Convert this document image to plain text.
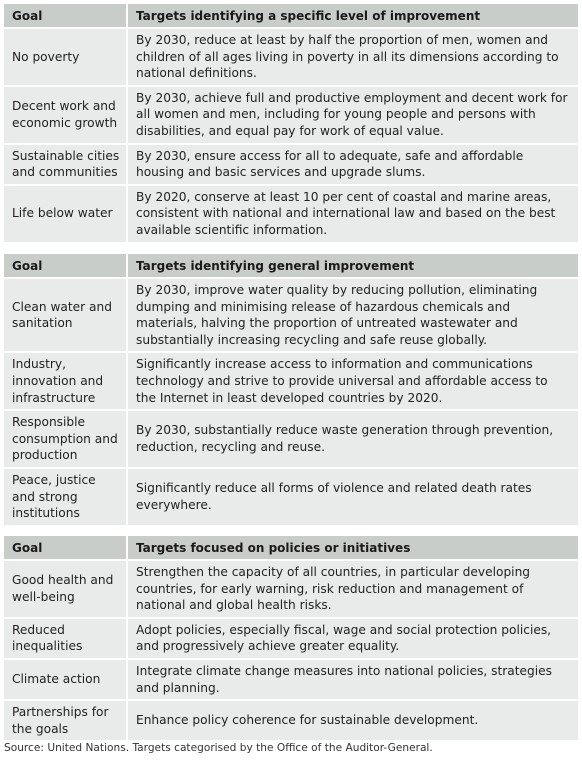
Goal	Targets identifying a specific level of improvement
No poverty	By 2030, reduce at least by half the proportion of men, women and children of all ages living in poverty in all its dimensions according to national definitions.
Decent work and economic growth	By 2030, achieve full and productive employment and decent work for all women and men, including for young people and persons with disabilities, and equal pay for work of equal value.
Sustainable cities and communities	By 2030, ensure access for all to adequate, safe and affordable housing and basic services and upgrade slums.
Life below water	By 2020, conserve at least 10 per cent of coastal and marine areas, consistent with national and international law and based on the best available scientific information.
Goal	Targets identifying general improvement
Clean water and sanitation	By 2030, improve water quality by reducing pollution, eliminating dumping and minimising release of hazardous chemicals and materials, halving the proportion of untreated wastewater and substantially increasing recycling and safe reuse globally.
Industry, innovation and infrastructure	Significantly increase access to information and communications technology and strive to provide universal and affordable access to the Internet in least developed countries by 2020.
Responsible consumption and production	By 2030, substantially reduce waste generation through prevention, reduction, recycling and reuse.
Peace, justice and strong institutions	Significantly reduce all forms of violence and related death rates everywhere.
Goal	Targets focused on policies or initiatives
Good health and well-being	Strengthen the capacity of all countries, in particular developing countries, for early warning, risk reduction and management of national and global health risks.
Reduced inequalities	Adopt policies, especially fiscal, wage and social protection policies, and progressively achieve greater equality.
Climate action	Integrate climate change measures into national policies, strategies and planning.
Partnerships for the goals	Enhance policy coherence for sustainable development.
Source: United Nations. Targets categorised by the Office of the Auditor-General.
